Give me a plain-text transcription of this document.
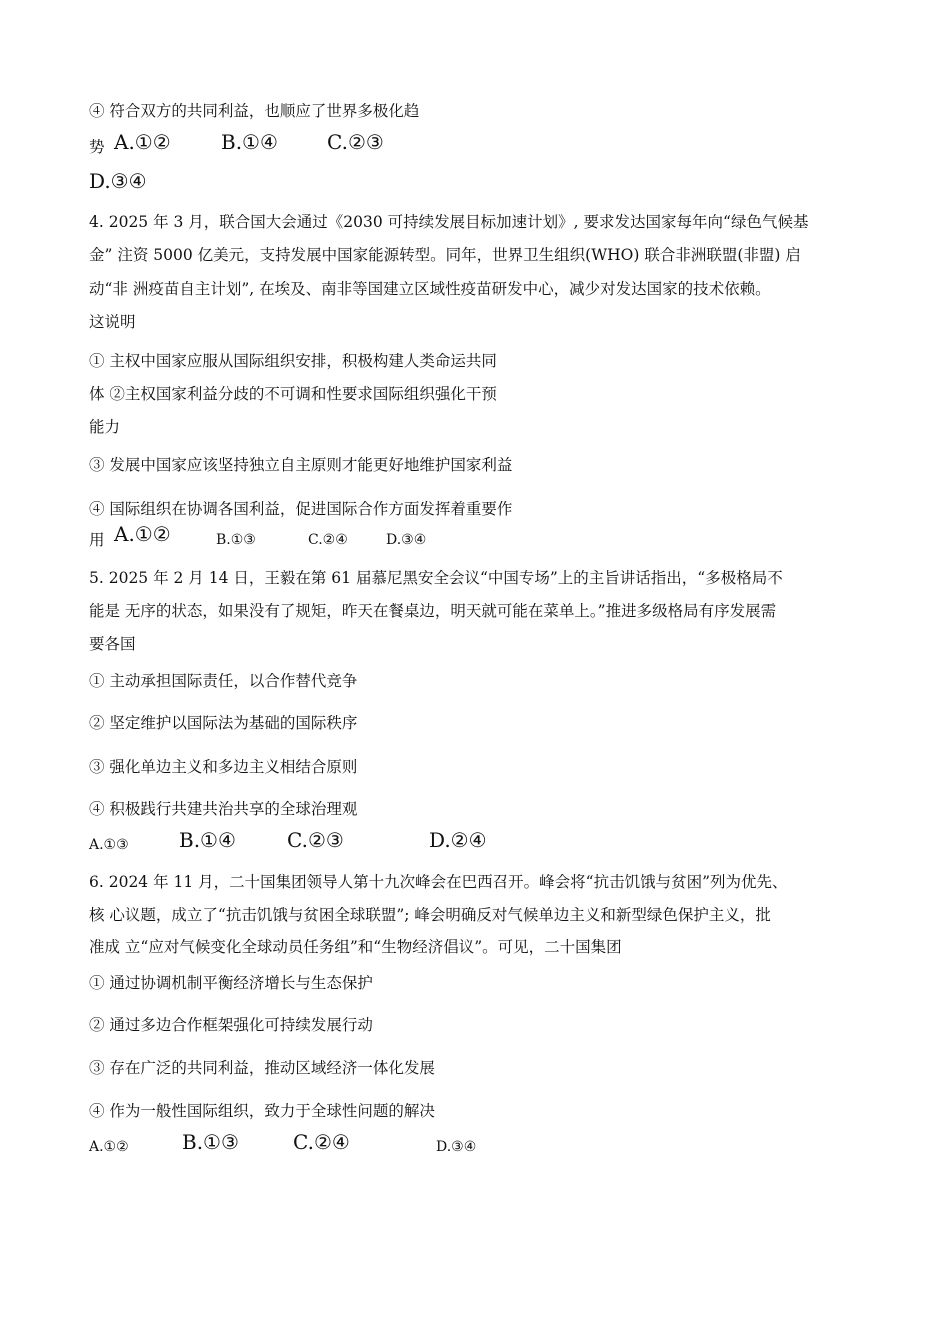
④ 符合双方的共同利益，也顺应了世界多极化趋
势 A.①②	B.①④ C.②③
D.③④
4. 2025 年 3 月，联合国大会通过《2030 可持续发展目标加速计划》, 要求发达国家每年向“绿色气候基
金” 注资 5000 亿美元，支持发展中国家能源转型。同年，世界卫生组织(WHO) 联合非洲联盟(非盟) 启
动“非 洲疫苗自主计划”, 在埃及、南非等国建立区域性疫苗研发中心，减少对发达国家的技术依赖。
这说明
① 主权中国家应服从国际组织安排，积极构建人类命运共同
体 ②主权国家利益分歧的不可调和性要求国际组织强化干预
能力
③ 发展中国家应该坚持独立自主原则才能更好地维护国家利益
④ 国际组织在协调各国利益，促进国际合作方面发挥着重要作
用 A.①②	B.①③	C.②④	D.③④
5. 2025 年 2 月 14 日，王毅在第 61 届慕尼黑安全会议“中国专场”上的主旨讲话指出，“多极格局不
能是 无序的状态，如果没有了规矩，昨天在餐桌边，明天就可能在菜单上。”推进多级格局有序发展需
要各国
① 主动承担国际责任，以合作替代竞争
② 坚定维护以国际法为基础的国际秩序
③ 强化单边主义和多边主义相结合原则
④ 积极践行共建共治共享的全球治理观
A.①③	B.①④	C.②③	D.②④
6. 2024 年 11 月，二十国集团领导人第十九次峰会在巴西召开。峰会将“抗击饥饿与贫困”列为优先、
核 心议题，成立了“抗击饥饿与贫困全球联盟”; 峰会明确反对气候单边主义和新型绿色保护主义，批
准成 立“应对气候变化全球动员任务组”和“生物经济倡议”。可见，二十国集团
① 通过协调机制平衡经济增长与生态保护
② 通过多边合作框架强化可持续发展行动
③ 存在广泛的共同利益，推动区域经济一体化发展
④ 作为一般性国际组织，致力于全球性问题的解决
A.①②	B.①③	C.②④	D.③④
